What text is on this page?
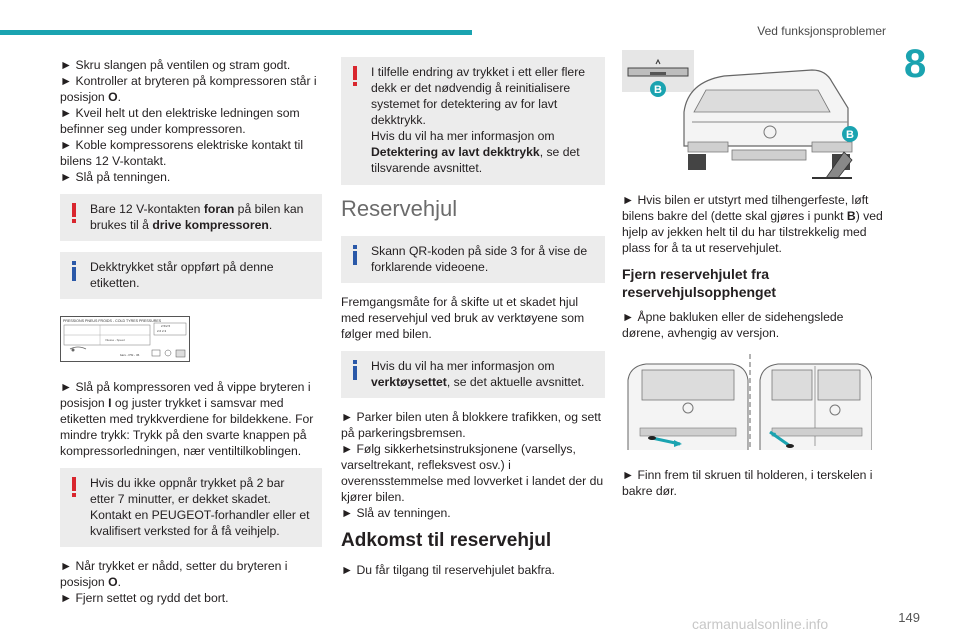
Ved funksjonsproblemer
8
149
carmanualsonline.info
► Skru slangen på ventilen og stram godt.
► Kontroller at bryteren på kompressoren står i posisjon O.
► Kveil helt ut den elektriske ledningen som befinner seg under kompressoren.
► Koble kompressorens elektriske kontakt til bilens 12 V-kontakt.
► Slå på tenningen.
Bare 12 V-kontakten foran på bilen kan brukes til å drive kompressoren.
Dekktrykket står oppført på denne etiketten.
PRESSIONS PNEUS FROIDS - COLD TYRES PRESSURES
2.5/2.5
2.6 2.3
Vitesse - Speed
bars - PSI - 36
► Slå på kompressoren ved å vippe bryteren i posisjon I og juster trykket i samsvar med etiketten med trykkverdiene for bildekkene. For mindre trykk: Trykk på den svarte knappen på kompressorledningen, nær ventiltilkoblingen.
Hvis du ikke oppnår trykket på 2 bar etter 7 minutter, er dekket skadet. Kontakt en PEUGEOT-forhandler eller et kvalifisert verksted for å få veihjelp.
► Når trykket er nådd, setter du bryteren i posisjon O.
► Fjern settet og rydd det bort.
I tilfelle endring av trykket i ett eller flere dekk er det nødvendig å reinitialisere systemet for detektering av for lavt dekktrykk.
Hvis du vil ha mer informasjon om Detektering av lavt dekktrykk, se det tilsvarende avsnittet.
Reservehjul
Skann QR-koden på side 3 for å vise de forklarende videoene.
Fremgangsmåte for å skifte ut et skadet hjul med reservehjul ved bruk av verktøyene som følger med bilen.
Hvis du vil ha mer informasjon om verktøysettet, se det aktuelle avsnittet.
► Parker bilen uten å blokkere trafikken, og sett på parkeringsbremsen.
► Følg sikkerhetsinstruksjonene (varsellys, varseltrekant, refleksvest osv.) i overensstemmelse med lovverket i landet der du kjører bilen.
► Slå av tenningen.
Adkomst til reservehjul
► Du får tilgang til reservehjulet bakfra.
B
B
► Hvis bilen er utstyrt med tilhengerfeste, løft bilens bakre del (dette skal gjøres i punkt B) ved hjelp av jekken helt til du har tilstrekkelig med plass for å ta ut reservehjulet.
Fjern reservehjulet fra reservehjulsopphenget
► Åpne bakluken eller de sidehengslede dørene, avhengig av versjon.
► Finn frem til skruen til holderen, i terskelen i bakre dør.
